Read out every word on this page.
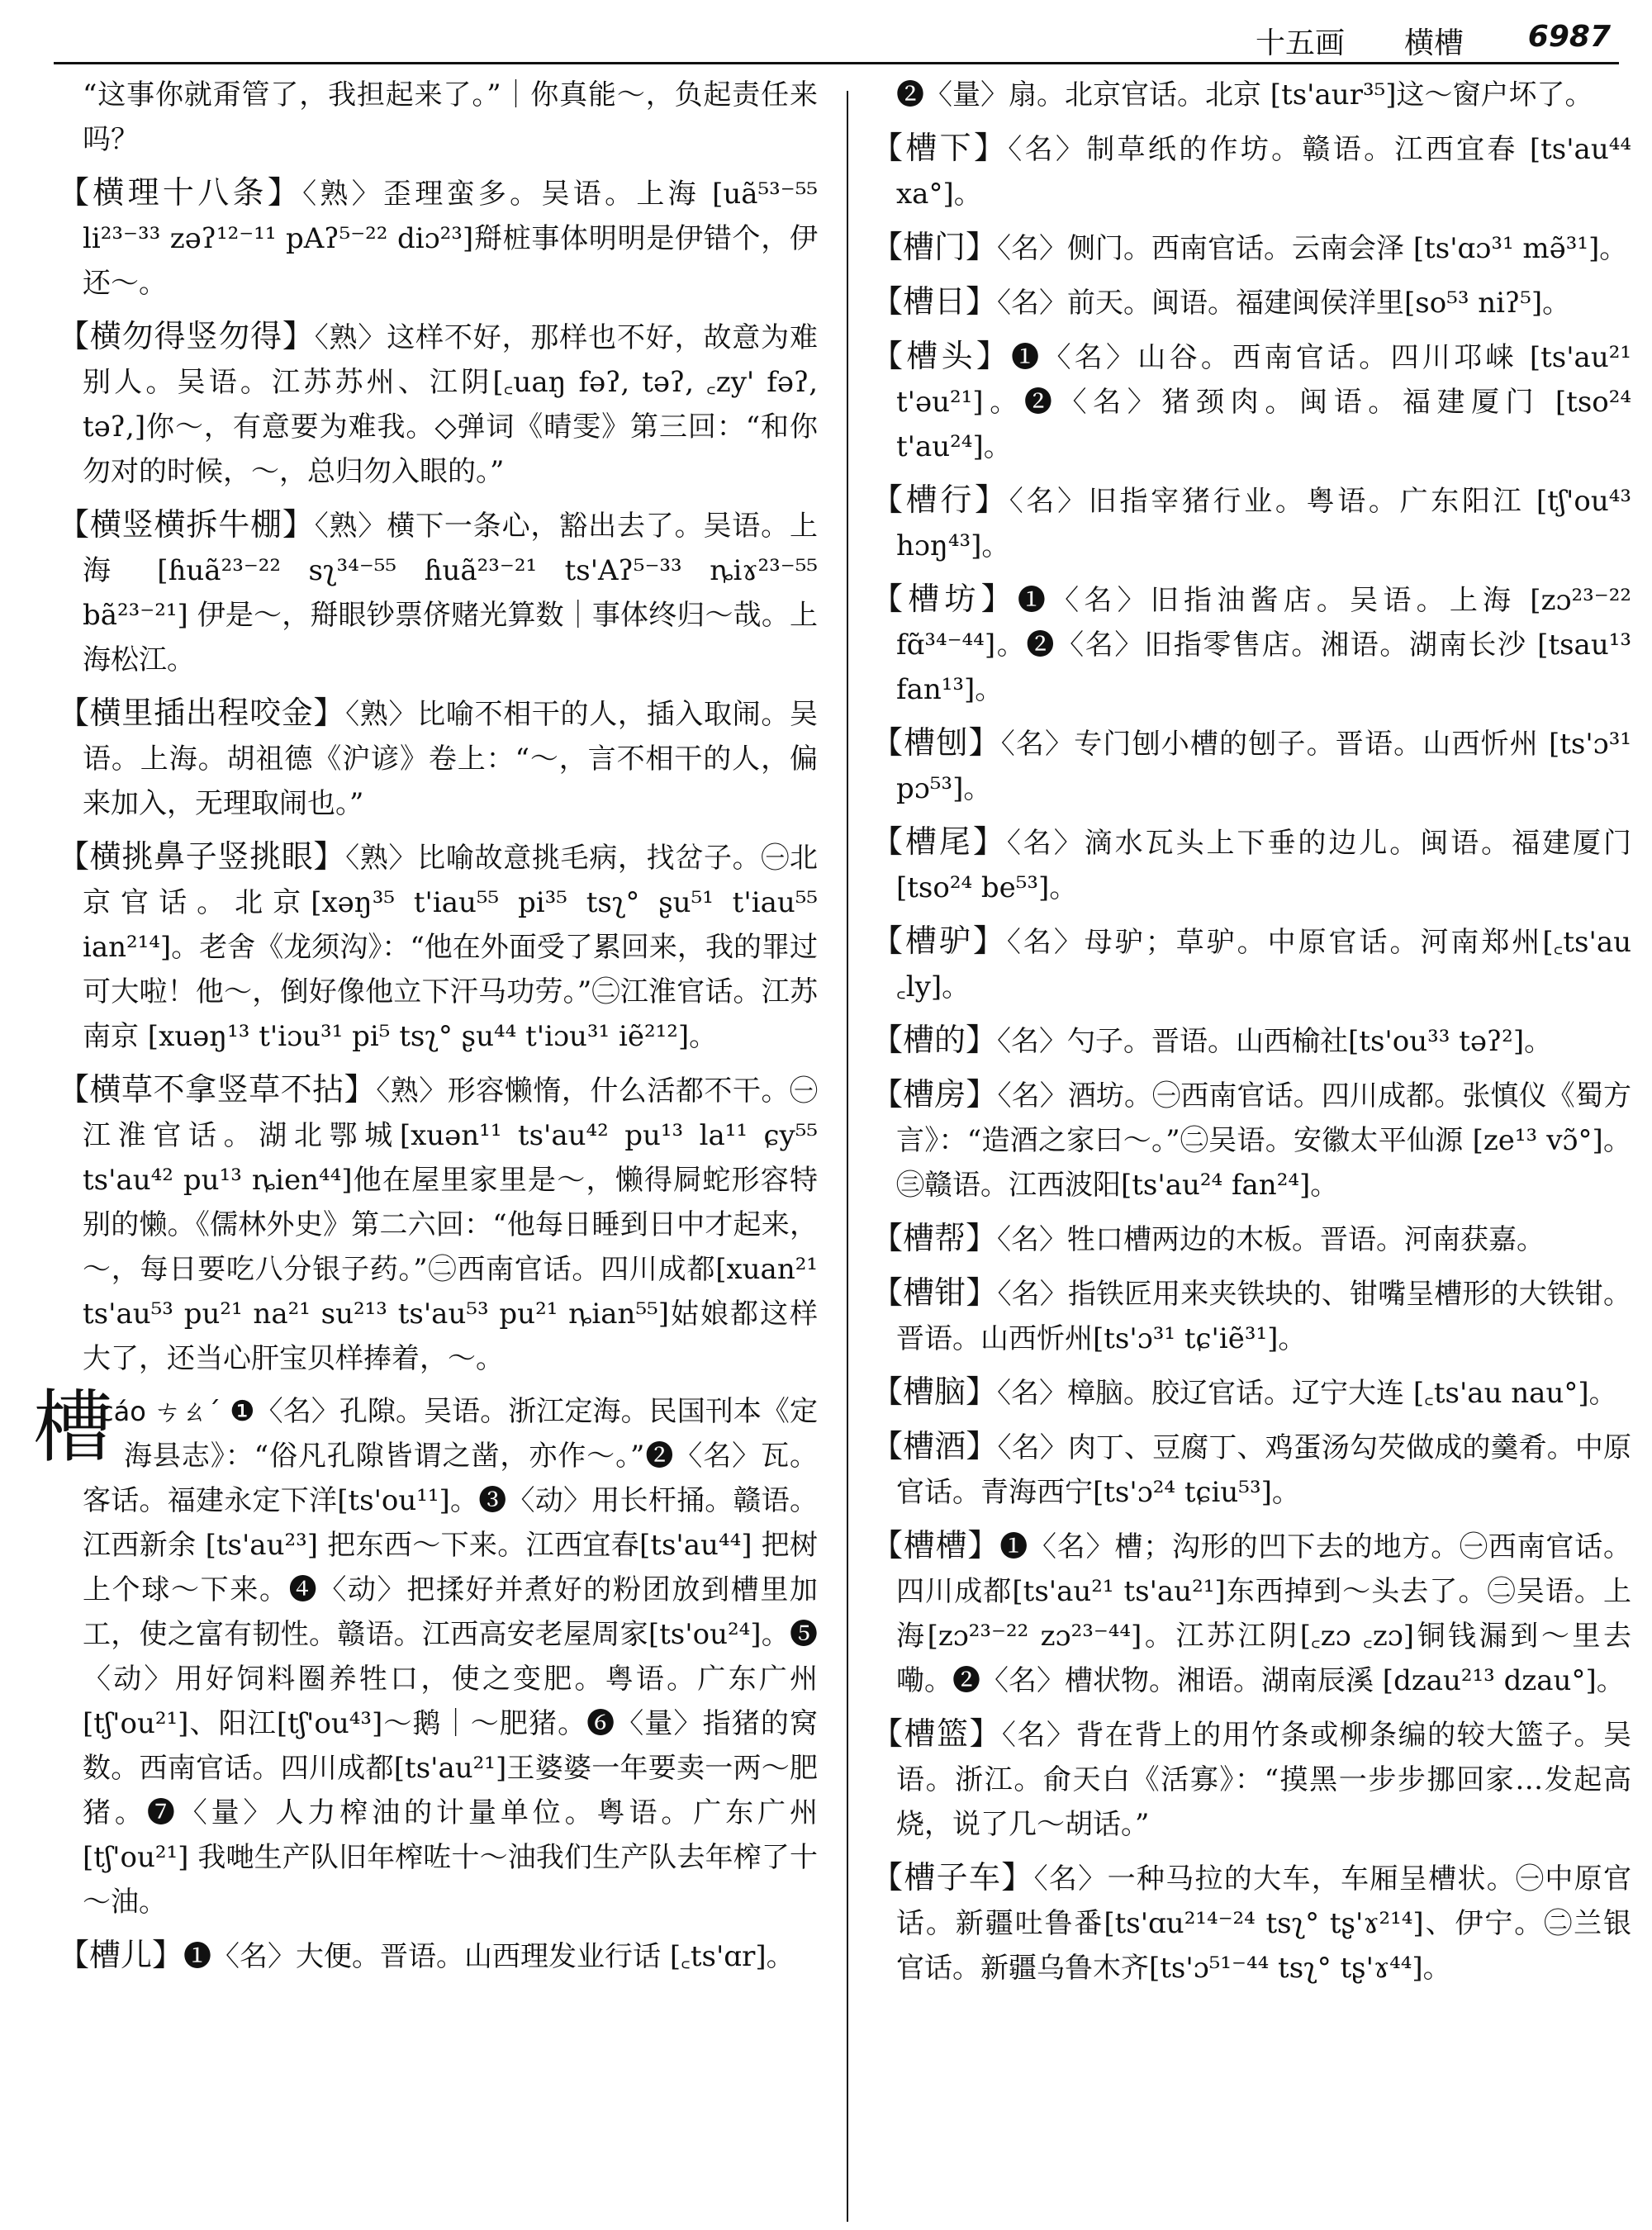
十五画 横槽 6987

“这事你就甭管了，我担起来了。”｜你真能～，负起责任来吗？

【横理十八条】〈熟〉歪理蛮多。吴语。上海 [uã⁵³⁻⁵⁵ li²³⁻³³ zəʔ¹²⁻¹¹ pAʔ⁵⁻²² diɔ²³]搿桩事体明明是伊错个，伊还～。

【横勿得竖勿得】〈熟〉这样不好，那样也不好，故意为难别人。吴语。江苏苏州、江阴[꜀uaŋ fəʔ, təʔ, ꜀zy' fəʔ, təʔ,]你～，有意要为难我。◇弹词《晴雯》第三回：“和你勿对的时候，～，总归勿入眼的。”

【横竖横拆牛棚】〈熟〉横下一条心，豁出去了。吴语。上海 [ɦuã²³⁻²² sʅ³⁴⁻⁵⁵ ɦuã²³⁻²¹ ts'Aʔ⁵⁻³³ ȵiɤ²³⁻⁵⁵ bã²³⁻²¹] 伊是～，搿眼钞票侪赌光算数｜事体终归～哉。上海松江。

【横里插出程咬金】〈熟〉比喻不相干的人，插入取闹。吴语。上海。胡祖德《沪谚》卷上：“～，言不相干的人，偏来加入，无理取闹也。”

【横挑鼻子竖挑眼】〈熟〉比喻故意挑毛病，找岔子。㊀北京官话。北京[xəŋ³⁵ t'iau⁵⁵ pi³⁵ tsʅ° ʂu⁵¹ t'iau⁵⁵ ian²¹⁴]。老舍《龙须沟》：“他在外面受了累回来，我的罪过可大啦！他～，倒好像他立下汗马功劳。”㊁江淮官话。江苏南京 [xuəŋ¹³ t'iɔu³¹ pi⁵ tsʅ° ʂu⁴⁴ t'iɔu³¹ iẽ²¹²]。

【横草不拿竖草不拈】〈熟〉形容懒惰，什么活都不干。㊀江淮官话。湖北鄂城[xuən¹¹ ts'au⁴² pu¹³ la¹¹ ɕy⁵⁵ ts'au⁴² pu¹³ ȵien⁴⁴]他在屋里家里是～，懒得屙蛇形容特别的懒。《儒林外史》第二六回：“他每日睡到日中才起来，～，每日要吃八分银子药。”㊁西南官话。四川成都[xuan²¹ ts'au⁵³ pu²¹ na²¹ su²¹³ ts'au⁵³ pu²¹ ȵian⁵⁵]姑娘都这样大了，还当心肝宝贝样捧着，～。

槽
cáo ㄘㄠˊ ❶〈名〉孔隙。吴语。浙江定海。民国刊本《定海县志》：“俗凡孔隙皆谓之凿，亦作～。”❷〈名〉瓦。客话。福建永定下洋[ts'ou¹¹]。❸〈动〉用长杆捅。赣语。江西新余 [ts'au²³] 把东西～下来。江西宜春[ts'au⁴⁴] 把树上个球～下来。❹〈动〉把揉好并煮好的粉团放到槽里加工，使之富有韧性。赣语。江西高安老屋周家[ts'ou²⁴]。❺〈动〉用好饲料圈养牲口，使之变肥。粤语。广东广州[tʃ'ou²¹]、阳江[tʃ'ou⁴³]～鹅｜～肥猪。❻〈量〉指猪的窝数。西南官话。四川成都[ts'au²¹]王婆婆一年要卖一两～肥猪。❼〈量〉人力榨油的计量单位。粤语。广东广州 [tʃ'ou²¹] 我哋生产队旧年榨咗十～油我们生产队去年榨了十～油。

【槽儿】❶〈名〉大便。晋语。山西理发业行话 [꜀ts'ɑr]。

❷〈量〉扇。北京官话。北京 [ts'aur³⁵]这～窗户坏了。

【槽下】〈名〉制草纸的作坊。赣语。江西宜春 [ts'au⁴⁴ xa°]。

【槽门】〈名〉侧门。西南官话。云南会泽 [ts'ɑɔ³¹ mə̃³¹]。

【槽日】〈名〉前天。闽语。福建闽侯洋里[so⁵³ niʔ⁵]。

【槽头】❶〈名〉山谷。西南官话。四川邛崃 [ts'au²¹ t'əu²¹]。❷〈名〉猪颈肉。闽语。福建厦门 [tso²⁴ t'au²⁴]。

【槽行】〈名〉旧指宰猪行业。粤语。广东阳江 [tʃ'ou⁴³ hɔŋ⁴³]。

【槽坊】❶〈名〉旧指油酱店。吴语。上海 [zɔ²³⁻²² fɑ̃³⁴⁻⁴⁴]。❷〈名〉旧指零售店。湘语。湖南长沙 [tsau¹³ fan¹³]。

【槽刨】〈名〉专门刨小槽的刨子。晋语。山西忻州 [ts'ɔ³¹ pɔ⁵³]。

【槽尾】〈名〉滴水瓦头上下垂的边儿。闽语。福建厦门 [tso²⁴ be⁵³]。

【槽驴】〈名〉母驴；草驴。中原官话。河南郑州[꜀ts'au ꜀ly]。

【槽的】〈名〉勺子。晋语。山西榆社[ts'ou³³ təʔ²]。

【槽房】〈名〉酒坊。㊀西南官话。四川成都。张慎仪《蜀方言》：“造酒之家曰～。”㊁吴语。安徽太平仙源 [ze¹³ vɔ̃°]。㊂赣语。江西波阳[ts'au²⁴ fan²⁴]。

【槽帮】〈名〉牲口槽两边的木板。晋语。河南获嘉。

【槽钳】〈名〉指铁匠用来夹铁块的、钳嘴呈槽形的大铁钳。晋语。山西忻州[ts'ɔ³¹ tɕ'iẽ³¹]。

【槽脑】〈名〉樟脑。胶辽官话。辽宁大连 [꜀ts'au nau°]。

【槽酒】〈名〉肉丁、豆腐丁、鸡蛋汤勾芡做成的羹肴。中原官话。青海西宁[ts'ɔ²⁴ tɕiu⁵³]。

【槽槽】❶〈名〉槽；沟形的凹下去的地方。㊀西南官话。四川成都[ts'au²¹ ts'au²¹]东西掉到～头去了。㊁吴语。上海[zɔ²³⁻²² zɔ²³⁻⁴⁴]。江苏江阴[꜀zɔ ꜀zɔ]铜钱漏到～里去嘞。❷〈名〉槽状物。湘语。湖南辰溪 [dzau²¹³ dzau°]。

【槽篮】〈名〉背在背上的用竹条或柳条编的较大篮子。吴语。浙江。俞天白《活寡》：“摸黑一步步挪回家…发起高烧，说了几～胡话。”

【槽子车】〈名〉一种马拉的大车，车厢呈槽状。㊀中原官话。新疆吐鲁番[ts'ɑu²¹⁴⁻²⁴ tsʅ° tʂ'ɤ²¹⁴]、伊宁。㊁兰银官话。新疆乌鲁木齐[ts'ɔ⁵¹⁻⁴⁴ tsʅ° tʂ'ɤ⁴⁴]。
